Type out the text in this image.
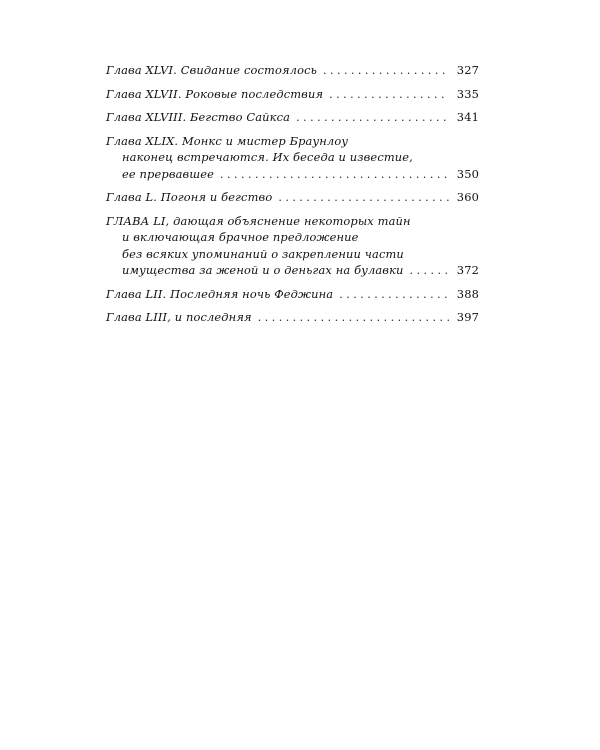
Глава XLVI. Свидание состоялось . . .	327
Глава XLVII. Роковые последствия . . .	335
Глава XLVIII. Бегство Сайкса . . .	341
Глава XLIX. Монкс и мистер Браунлоу
наконец встречаются. Их беседа и известие,
ее прервавшее . . .	350
Глава L. Погоня и бегство . . .	360
ГЛАВА LI, дающая объяснение некоторых тайн
и включающая брачное предложение
без всяких упоминаний о закреплении части
имущества за женой и о деньгах на булавки . . .	372
Глава LII. Последняя ночь Феджина . . .	388
Глава LIII, и последняя . . .	397
